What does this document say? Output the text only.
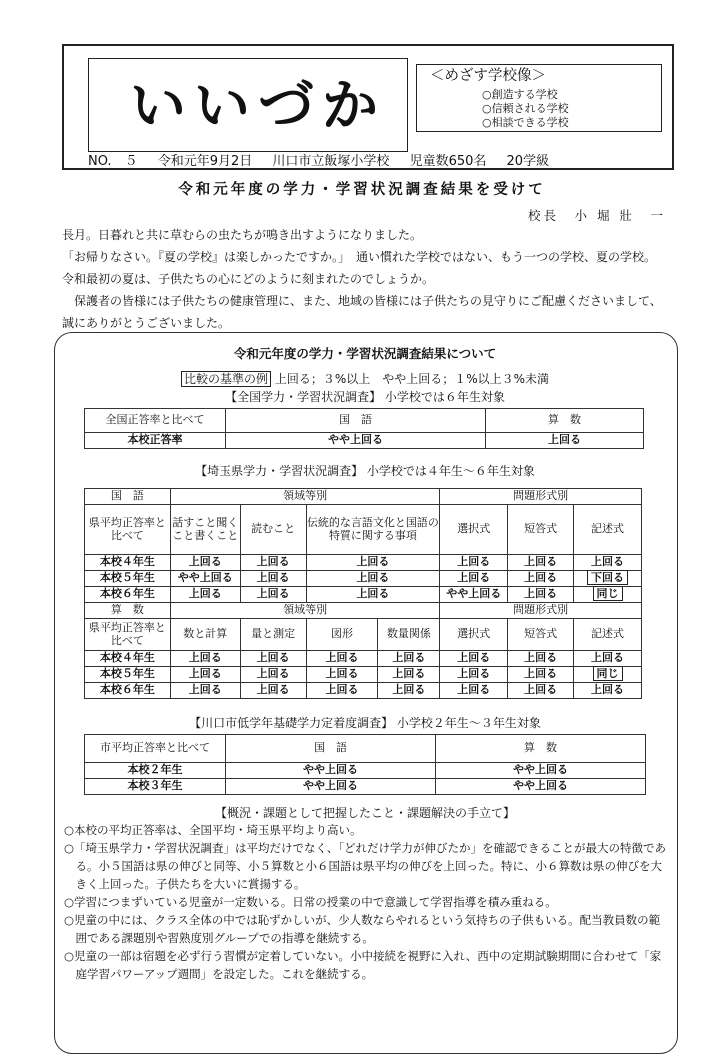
いいづか	＜めざす学校像＞
○創造する学校
○信頼される学校
○相談できる学校
NO.　５ 令和元年9月2日 川口市立飯塚小学校 児童数650名 20学級
令和元年度の学力・学習状況調査結果を受けて
校長　小 堀 壯　一
長月。日暮れと共に草むらの虫たちが鳴き出すようになりました。
「お帰りなさい。『夏の学校』は楽しかったですか。」　通い慣れた学校ではない、もう一つの学校、夏の学校。
令和最初の夏は、子供たちの心にどのように刻まれたのでしょうか。
　保護者の皆様には子供たちの健康管理に、また、地域の皆様には子供たちの見守りにご配慮くださいまして、
誠にありがとうございました。
令和元年度の学力・学習状況調査結果について
比較の基準の例 上回る；３%以上　やや上回る；１%以上３%未満
【全国学力・学習状況調査】 小学校では６年生対象
全国正答率と比べて	国　語	算　数
本校正答率	やや上回る	上回る
【埼玉県学力・学習状況調査】 小学校では４年生～６年生対象
国　語	領域等別				問題形式別		
県平均正答率と比べて	話すこと聞くこと書くこと	読むこと	伝統的な言語文化と国語の特質に関する事項		選択式	短答式	記述式
本校４年生	上回る	上回る	上回る		上回る	上回る	上回る
本校５年生	やや上回る	上回る	上回る		上回る	上回る	下回る
本校６年生	上回る	上回る	上回る		やや上回る	上回る	同じ
算　数	領域等別				問題形式別		
県平均正答率と比べて	数と計算	量と測定	図形	数量関係	選択式	短答式	記述式
本校４年生	上回る	上回る	上回る	上回る	上回る	上回る	上回る
本校５年生	上回る	上回る	上回る	上回る	上回る	上回る	同じ
本校６年生	上回る	上回る	上回る	上回る	上回る	上回る	上回る
【川口市低学年基礎学力定着度調査】 小学校２年生～３年生対象
市平均正答率と比べて	国　語	算　数
本校２年生	やや上回る	やや上回る
本校３年生	やや上回る	やや上回る
【概況・課題として把握したこと・課題解決の手立て】
○本校の平均正答率は、全国平均・埼玉県平均より高い。
○「埼玉県学力・学習状況調査」は平均だけでなく、「どれだけ学力が伸びたか」を確認できることが最大の特徴であ
　る。小５国語は県の伸びと同等、小５算数と小６国語は県平均の伸びを上回った。特に、小６算数は県の伸びを大
　きく上回った。子供たちを大いに賞揚する。
○学習につまずいている児童が一定数いる。日常の授業の中で意識して学習指導を積み重ねる。
○児童の中には、クラス全体の中では恥ずかしいが、少人数ならやれるという気持ちの子供もいる。配当教員数の範
　囲である課題別や習熟度別グループでの指導を継続する。
○児童の一部は宿題を必ず行う習慣が定着していない。小中接続を視野に入れ、西中の定期試験期間に合わせて「家
　庭学習パワーアップ週間」を設定した。これを継続する。
